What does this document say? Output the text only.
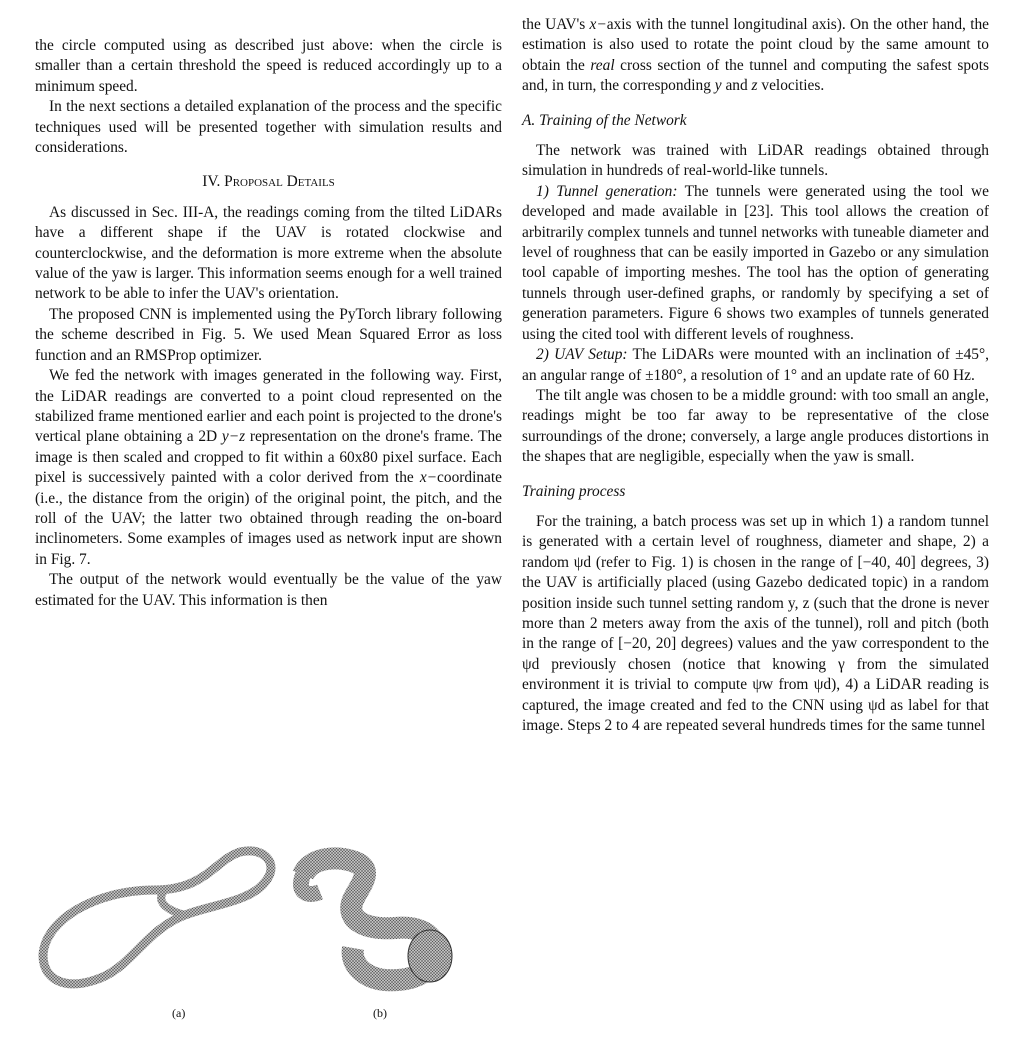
the circle computed using as described just above: when the circle is smaller than a certain threshold the speed is reduced accordingly up to a minimum speed.

In the next sections a detailed explanation of the process and the specific techniques used will be presented together with simulation results and considerations.

IV. Proposal Details

As discussed in Sec. III-A, the readings coming from the tilted LiDARs have a different shape if the UAV is rotated clockwise and counterclockwise, and the deformation is more extreme when the absolute value of the yaw is larger. This information seems enough for a well trained network to be able to infer the UAV's orientation.

The proposed CNN is implemented using the PyTorch library following the scheme described in Fig. 5. We used Mean Squared Error as loss function and an RMSProp optimizer.

We fed the network with images generated in the following way. First, the LiDAR readings are converted to a point cloud represented on the stabilized frame mentioned earlier and each point is projected to the drone's vertical plane obtaining a 2D y−z representation on the drone's frame. The image is then scaled and cropped to fit within a 60x80 pixel surface. Each pixel is successively painted with a color derived from the x−coordinate (i.e., the distance from the origin) of the original point, the pitch, and the roll of the UAV; the latter two obtained through reading the on-board inclinometers. Some examples of images used as network input are shown in Fig. 7.

The output of the network would eventually be the value of the yaw estimated for the UAV. This information is then

(a)	(b)

the UAV's x−axis with the tunnel longitudinal axis). On the other hand, the estimation is also used to rotate the point cloud by the same amount to obtain the real cross section of the tunnel and computing the safest spots and, in turn, the corresponding y and z velocities.

A. Training of the Network

The network was trained with LiDAR readings obtained through simulation in hundreds of real-world-like tunnels.

1) Tunnel generation: The tunnels were generated using the tool we developed and made available in [23]. This tool allows the creation of arbitrarily complex tunnels and tunnel networks with tuneable diameter and level of roughness that can be easily imported in Gazebo or any simulation tool capable of importing meshes. The tool has the option of generating tunnels through user-defined graphs, or randomly by specifying a set of generation parameters. Figure 6 shows two examples of tunnels generated using the cited tool with different levels of roughness.

2) UAV Setup: The LiDARs were mounted with an inclination of ±45°, an angular range of ±180°, a resolution of 1° and an update rate of 60 Hz.

The tilt angle was chosen to be a middle ground: with too small an angle, readings might be too far away to be representative of the close surroundings of the drone; conversely, a large angle produces distortions in the shapes that are negligible, especially when the yaw is small.

Training process

For the training, a batch process was set up in which 1) a random tunnel is generated with a certain level of roughness, diameter and shape, 2) a random ψd (refer to Fig. 1) is chosen in the range of [−40, 40] degrees, 3) the UAV is artificially placed (using Gazebo dedicated topic) in a random position inside such tunnel setting random y, z (such that the drone is never more than 2 meters away from the axis of the tunnel), roll and pitch (both in the range of [−20, 20] degrees) values and the yaw correspondent to the ψd previously chosen (notice that knowing γ from the simulated environment it is trivial to compute ψw from ψd), 4) a LiDAR reading is captured, the image created and fed to the CNN using ψd as label for that image. Steps 2 to 4 are repeated several hundreds times for the same tunnel
